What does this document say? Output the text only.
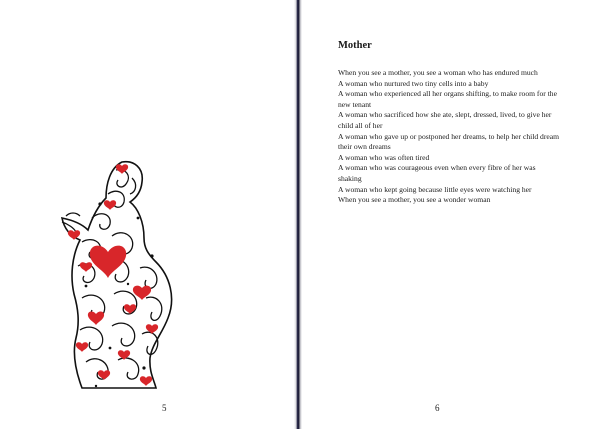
5
Mother
When you see a mother, you see a woman who has endured much
A woman who nurtured two tiny cells into a baby
A woman who experienced all her organs shifting, to make room for the new tenant
A woman who sacrificed how she ate, slept, dressed, lived, to give her child all of her
A woman who gave up or postponed her dreams, to help her child dream their own dreams
A woman who was often tired
A woman who was courageous even when every fibre of her was shaking
A woman who kept going because little eyes were watching her
When you see a mother, you see a wonder woman
6
